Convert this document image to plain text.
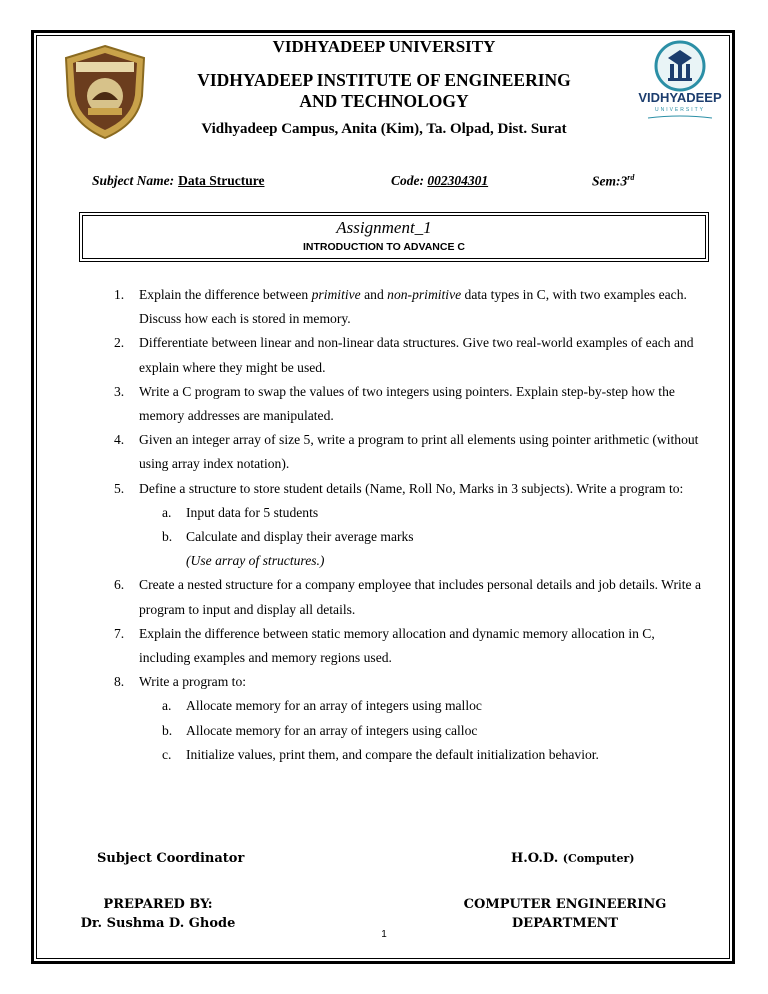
VIDHYADEEP
UNIVERSITY
VIDHYADEEP UNIVERSITY
VIDHYADEEP INSTITUTE OF ENGINEERING
AND TECHNOLOGY
Vidhyadeep Campus, Anita (Kim), Ta. Olpad, Dist. Surat
Subject Name: Data Structure	Code: 002304301	Sem:3rd
Assignment_1
INTRODUCTION TO ADVANCE C
1. Explain the difference between primitive and non-primitive data types in C, with two examples each. Discuss how each is stored in memory.
2. Differentiate between linear and non-linear data structures. Give two real-world examples of each and explain where they might be used.
3. Write a C program to swap the values of two integers using pointers. Explain step-by-step how the memory addresses are manipulated.
4. Given an integer array of size 5, write a program to print all elements using pointer arithmetic (without using array index notation).
5. Define a structure to store student details (Name, Roll No, Marks in 3 subjects). Write a program to:
a. Input data for 5 students
b. Calculate and display their average marks
(Use array of structures.)
6. Create a nested structure for a company employee that includes personal details and job details. Write a program to input and display all details.
7. Explain the difference between static memory allocation and dynamic memory allocation in C, including examples and memory regions used.
8. Write a program to:
a. Allocate memory for an array of integers using malloc
b. Allocate memory for an array of integers using calloc
c. Initialize values, print them, and compare the default initialization behavior.
Subject Coordinator	H.O.D. (Computer)
PREPARED BY:
Dr. Sushma D. Ghode
COMPUTER ENGINEERING
DEPARTMENT
1
